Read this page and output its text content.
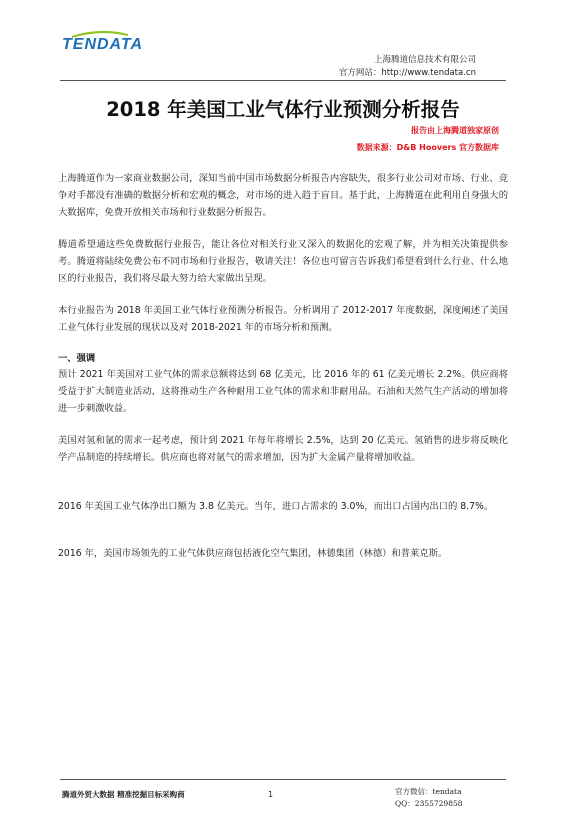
TENDATA
上海腾道信息技术有限公司
官方网站：http://www.tendata.cn
2018 年美国工业气体行业预测分析报告
报告由上海腾道独家原创
数据来源：D&B Hoovers 官方数据库
上海腾道作为一家商业数据公司，深知当前中国市场数据分析报告内容缺失，很多行业公司对市场、行业、竞争对手都没有准确的数据分析和宏观的概念，对市场的进入趋于盲目。基于此，上海腾道在此利用自身强大的大数据库，免费开放相关市场和行业数据分析报告。
腾道希望通这些免费数据行业报告，能让各位对相关行业又深入的数据化的宏观了解，并为相关决策提供参考。腾道将陆续免费公布不同市场和行业报告，敬请关注！各位也可留言告诉我们希望看到什么行业、什么地区的行业报告，我们将尽最大努力给大家做出呈现。
本行业报告为 2018 年美国工业气体行业预测分析报告。分析调用了 2012-2017 年度数据，深度阐述了美国工业气体行业发展的现状以及对 2018-2021 年的市场分析和预测。
一、强调
预计 2021 年美国对工业气体的需求总额将达到 68 亿美元，比 2016 年的 61 亿美元增长 2.2%。供应商将受益于扩大制造业活动，这将推动生产各种耐用工业气体的需求和非耐用品。石油和天然气生产活动的增加将进一步刺激收益。
美国对氢和氩的需求一起考虑，预计到 2021 年每年将增长 2.5%，达到 20 亿美元。氢销售的进步将反映化学产品制造的持续增长。供应商也将对氩气的需求增加，因为扩大金属产量将增加收益。
2016 年美国工业气体净出口额为 3.8 亿美元。当年，进口占需求的 3.0%，而出口占国内出口的 8.7%。
2016 年，美国市场领先的工业气体供应商包括液化空气集团，林德集团（林德）和普莱克斯。
腾道外贸大数据 精准挖掘目标采购商	1	官方微信：tendata
QQ：2355729858
